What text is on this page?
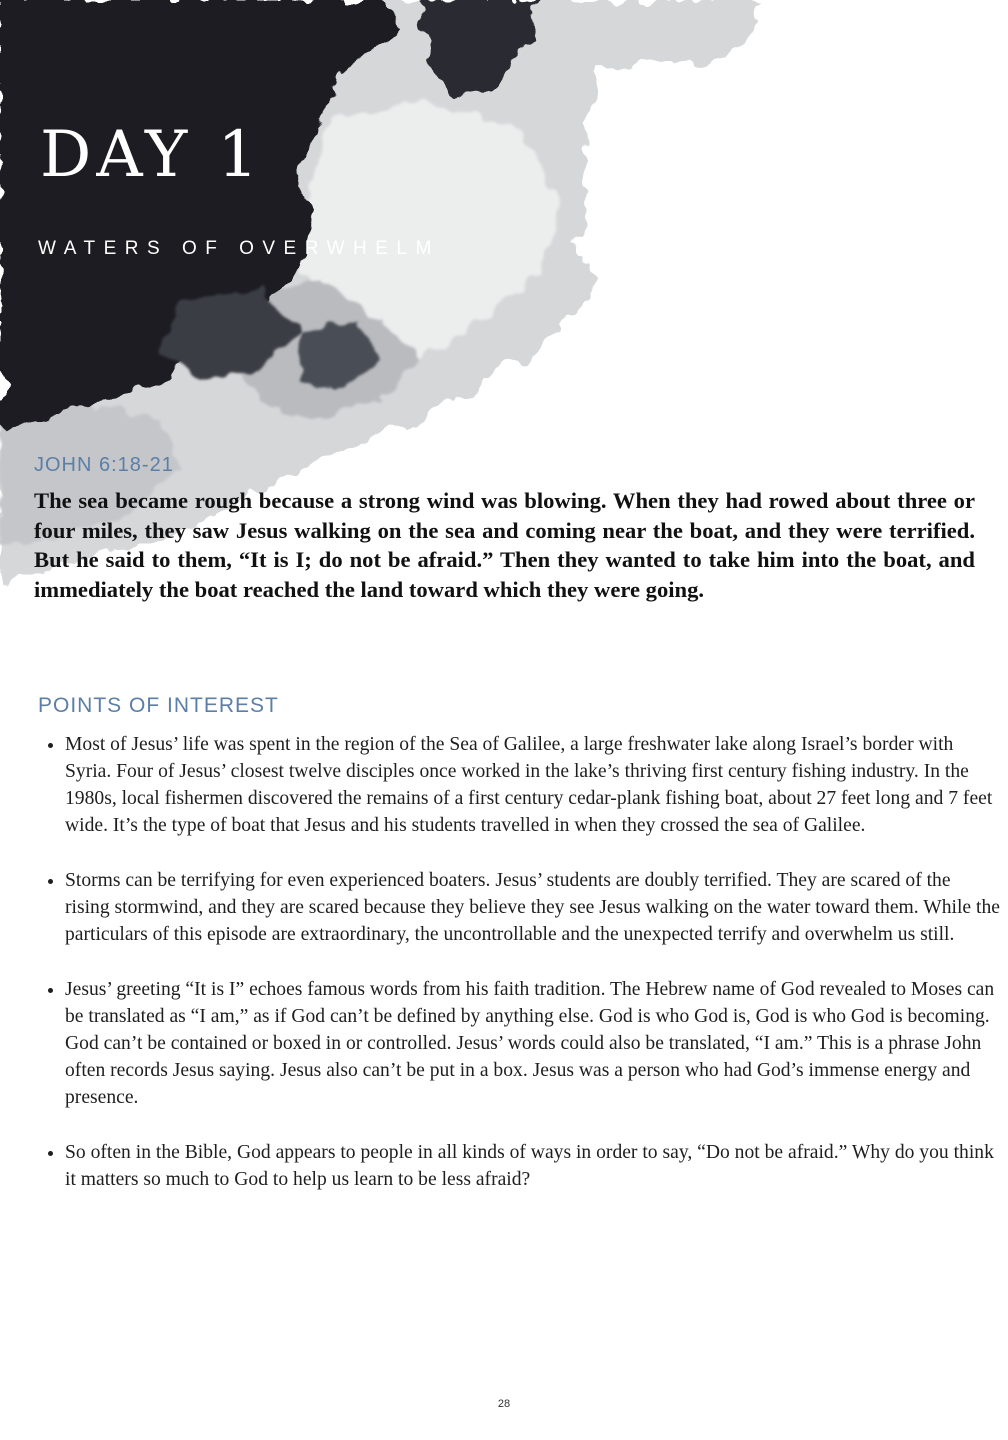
DAY 1
WATERS OF OVERWHELM
JOHN 6:18-21

The sea became rough because a strong wind was blowing. When they had rowed about three or four miles, they saw Jesus walking on the sea and coming near the boat, and they were terrified. But he said to them, “It is I; do not be afraid.” Then they wanted to take him into the boat, and immediately the boat reached the land toward which they were going.

POINTS OF INTEREST
• Most of Jesus’ life was spent in the region of the Sea of Galilee, a large freshwater lake along Israel’s border with Syria. Four of Jesus’ closest twelve disciples once worked in the lake’s thriving first century fishing industry. In the 1980s, local fishermen discovered the remains of a first century cedar-plank fishing boat, about 27 feet long and 7 feet wide. It’s the type of boat that Jesus and his students travelled in when they crossed the sea of Galilee.
• Storms can be terrifying for even experienced boaters. Jesus’ students are doubly terrified. They are scared of the rising stormwind, and they are scared because they believe they see Jesus walking on the water toward them. While the particulars of this episode are extraordinary, the uncontrollable and the unexpected terrify and overwhelm us still.
• Jesus’ greeting “It is I” echoes famous words from his faith tradition. The Hebrew name of God revealed to Moses can be translated as “I am,” as if God can’t be defined by anything else. God is who God is, God is who God is becoming. God can’t be contained or boxed in or controlled. Jesus’ words could also be translated, “I am.” This is a phrase John often records Jesus saying. Jesus also can’t be put in a box. Jesus was a person who had God’s immense energy and presence.
• So often in the Bible, God appears to people in all kinds of ways in order to say, “Do not be afraid.” Why do you think it matters so much to God to help us learn to be less afraid?
28
